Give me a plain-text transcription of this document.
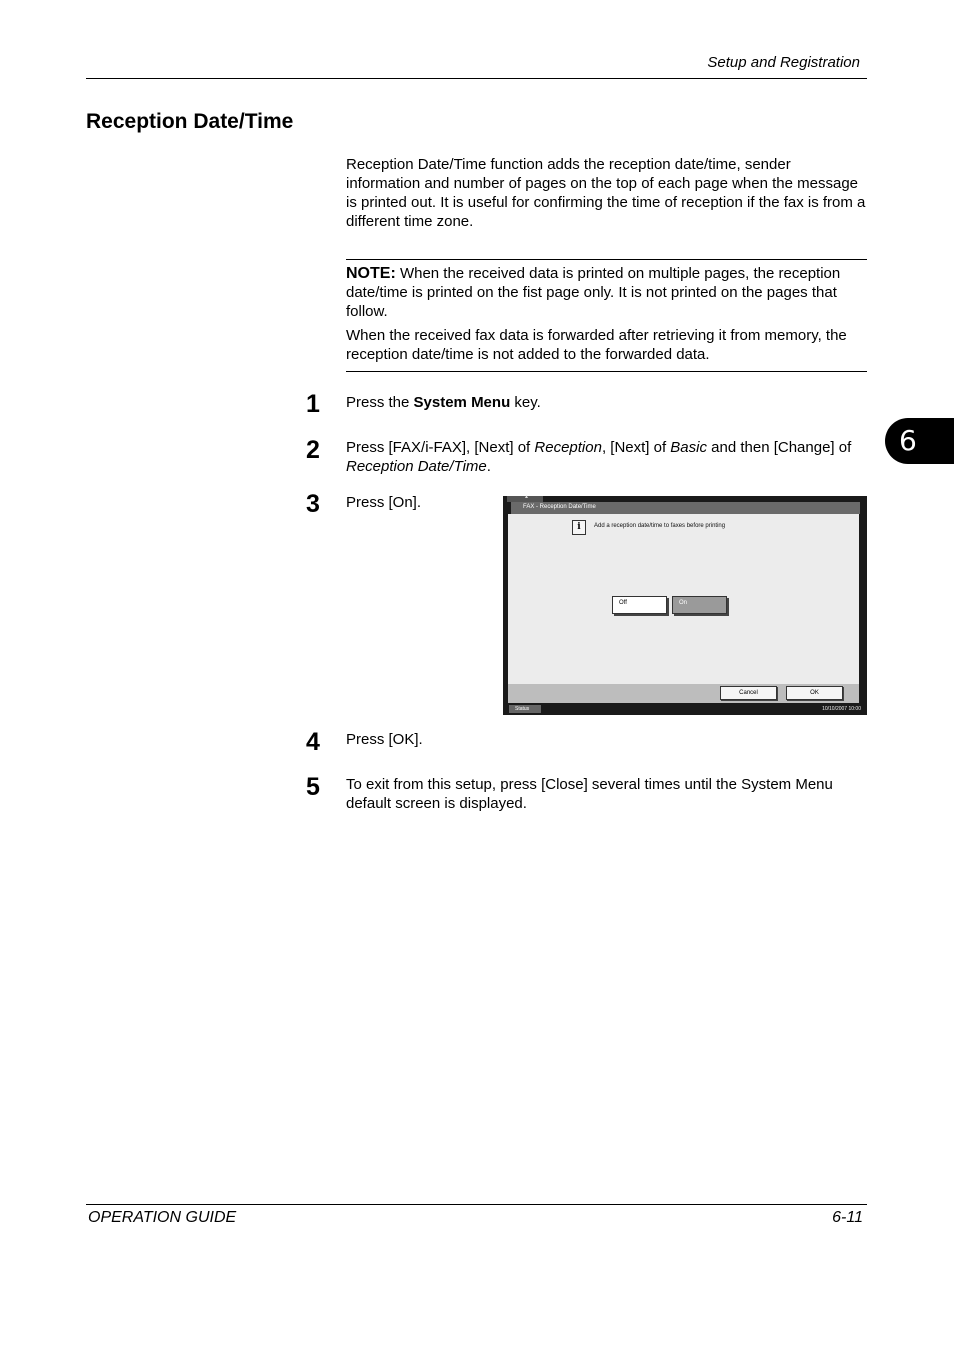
Setup and Registration
Reception Date/Time
Reception Date/Time function adds the reception date/time, sender information and number of pages on the top of each page when the message is printed out. It is useful for confirming the time of reception if the fax is from a different time zone.

NOTE: When the received data is printed on multiple pages, the reception date/time is printed on the fist page only. It is not printed on the pages that follow.

When the received fax data is forwarded after retrieving it from memory, the reception date/time is not added to the forwarded data.

6
1 Press the System Menu key.
2 Press [FAX/i-FAX], [Next] of Reception, [Next] of Basic and then [Change] of Reception Date/Time.
3 Press [On].	▲
FAX - Reception Date/Time
i	Add a reception date/time to faxes before printing
Off	On
Cancel	OK
Status	10/10/2007 10:00
4 Press [OK].
5 To exit from this setup, press [Close] several times until the System Menu default screen is displayed.
OPERATION GUIDE	6-11
